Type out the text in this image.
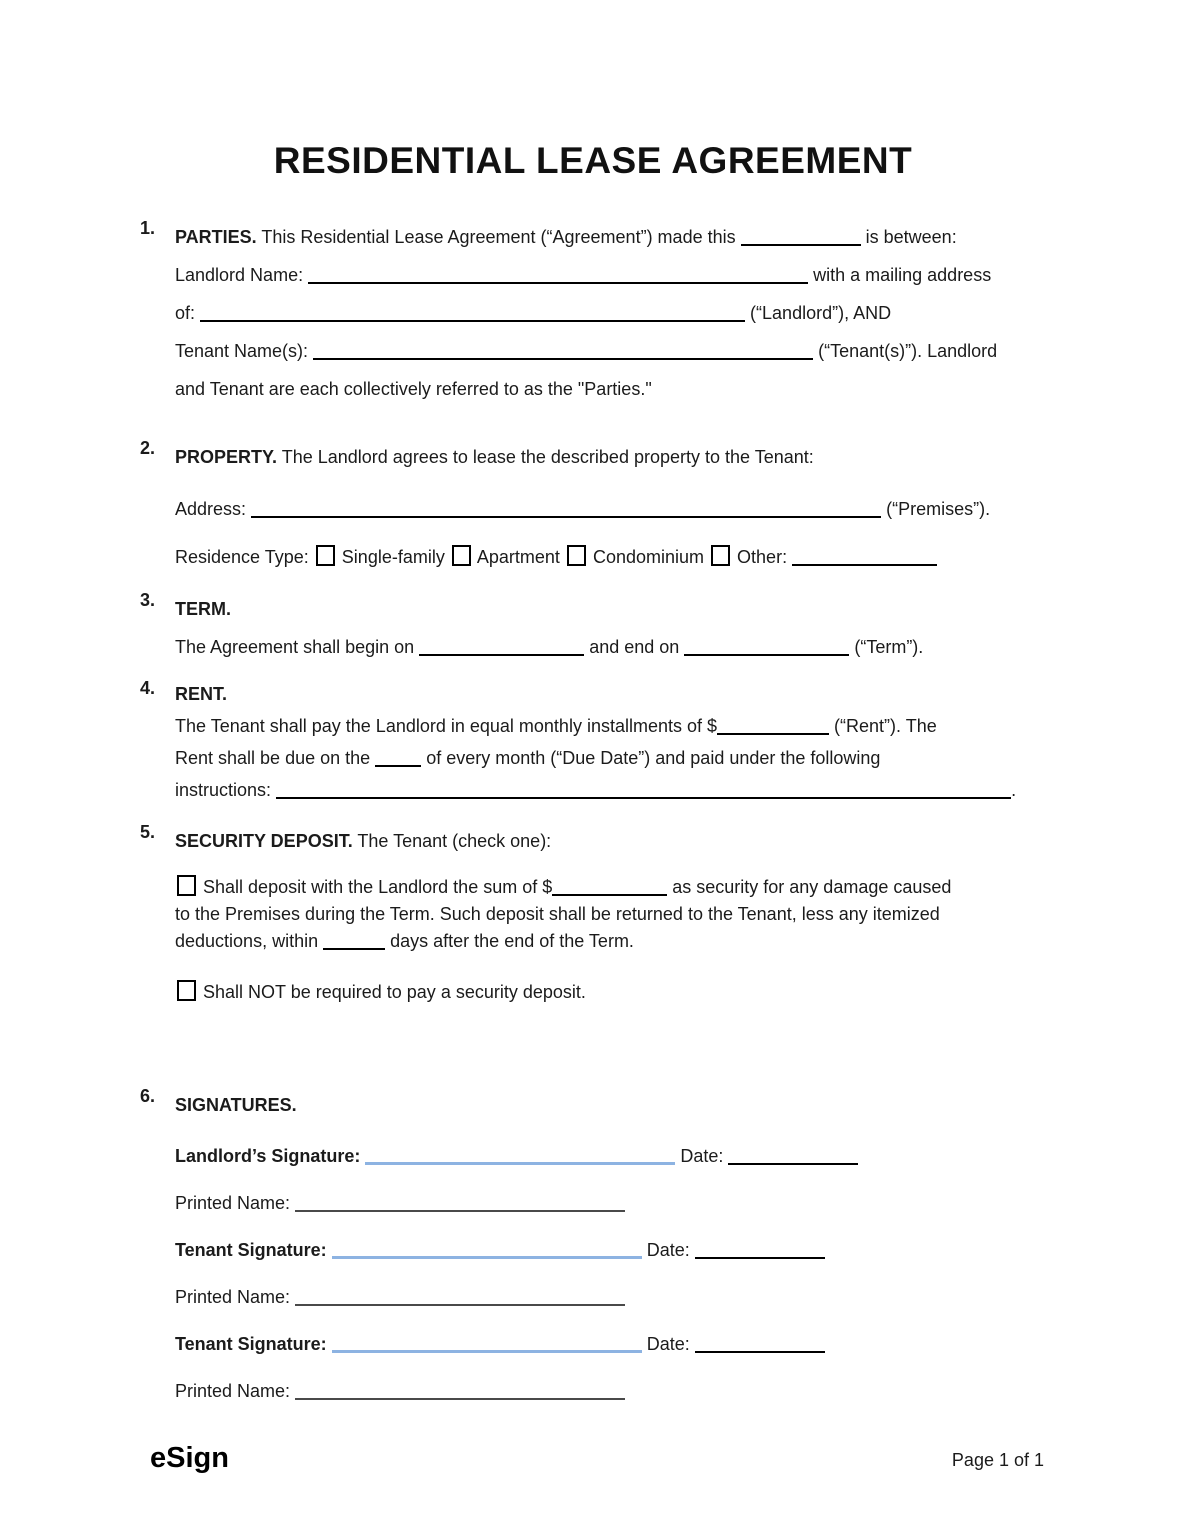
RESIDENTIAL LEASE AGREEMENT
1.	PARTIES. This Residential Lease Agreement (“Agreement”) made this	is between:
Landlord Name:	with a mailing address
of:	(“Landlord”), AND
Tenant Name(s):	(“Tenant(s)”). Landlord
and Tenant are each collectively referred to as the "Parties."
2.	PROPERTY. The Landlord agrees to lease the described property to the Tenant:
Address:	(“Premises”).
Residence Type: Single-family Apartment Condominium Other:
3.	TERM.
The Agreement shall begin on	and end on	(“Term”).
4.	RENT.
The Tenant shall pay the Landlord in equal monthly installments of $	(“Rent”). The
Rent shall be due on the	of every month (“Due Date”) and paid under the following
instructions:	.
5.	SECURITY DEPOSIT. The Tenant (check one):
Shall deposit with the Landlord the sum of $	as security for any damage caused
to the Premises during the Term. Such deposit shall be returned to the Tenant, less any itemized
deductions, within	days after the end of the Term.
Shall NOT be required to pay a security deposit.
6.	SIGNATURES.
Landlord’s Signature:	Date:
Printed Name:
Tenant Signature:	Date:
Printed Name:
Tenant Signature:	Date:
Printed Name:
eSign	Page 1 of 1
